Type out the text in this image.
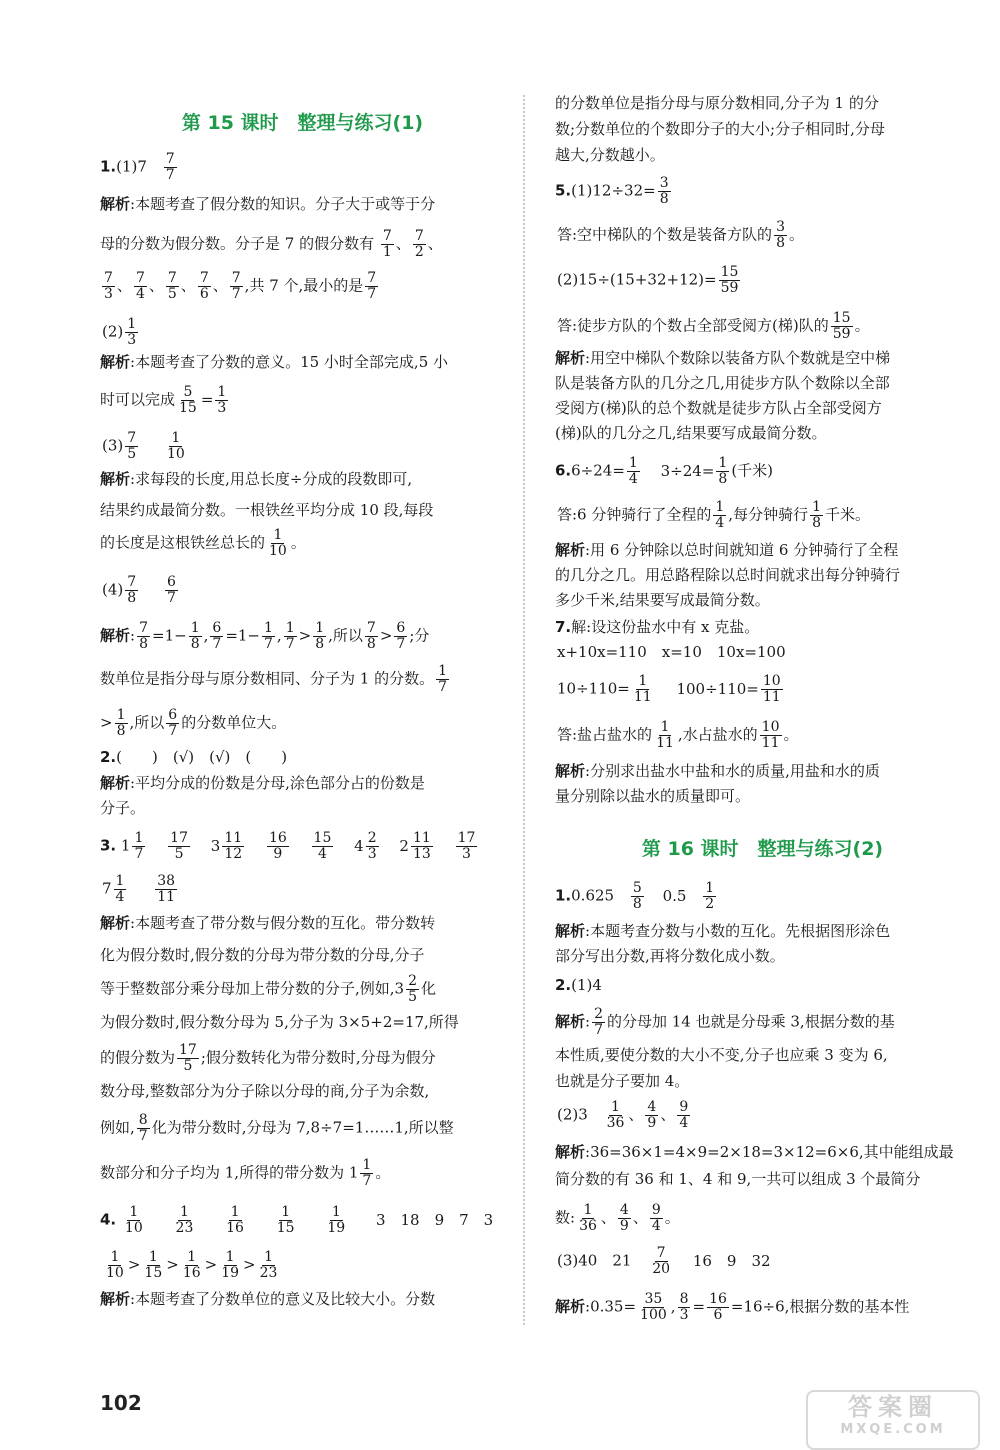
第 15 课时　整理与练习(1)
第 16 课时　整理与练习(2)
$1.(1)7 \frac{7}{7}$
解析:本题考查了假分数的知识。分子大于或等于分
母的分数为假分数。分子是 7 的假分数有 $\frac{7}{1}$ 、 $\frac{7}{2}$ 、
$\frac{7}{3}$ 、 $\frac{7}{4}$ 、 $\frac{7}{5}$ 、 $\frac{7}{6}$ 、 $\frac{7}{7}$ ,共 7 个,最小的是 $\frac{7}{7}$
$(2) \frac{1}{3}$
解析:本题考查了分数的意义。15 小时全部完成,5 小
时可以完成 $\frac{5}{15} = \frac{1}{3}$
$(3) \frac{7}{5}$
$\frac{1}{10}$
解析:求每段的长度,用总长度÷分成的段数即可,
结果约成最简分数。一根铁丝平均分成 10 段,每段
的长度是这根铁丝总长的 $\frac{1}{10}$ 。
$(4) \frac{7}{8}$
$\frac{6}{7}$
解析: $\frac{7}{8} =1- \frac{1}{8}$ , $\frac{6}{7} =1- \frac{1}{7}$ , $\frac{1}{7} > \frac{1}{8}$ ,所以 $\frac{7}{8} > \frac{6}{7}$ ;分
数单位是指分母与原分数相同、分子为 1 的分数。 $\frac{1}{7}$
> $\frac{1}{8}$ ,所以 $\frac{6}{7}$ 的分数单位大。
2.(　　)　(√)　(√)　(　　)
解析:平均分成的份数是分母,涂色部分占的份数是
分子。
3. $1 \frac{1}{7}$
$\frac{17}{5} 3 \frac{11}{12}$
$\frac{16}{9}$
$\frac{15}{4} 4 \frac{2}{3} 2 \frac{11}{13}$
$\frac{17}{3}$
$7 \frac{1}{4}$
$\frac{38}{11}$
解析:本题考查了带分数与假分数的互化。带分数转
化为假分数时,假分数的分母为带分数的分母,分子
等于整数部分乘分母加上带分数的分子,例如$,3 \frac{2}{5}$ 化
为假分数时,假分数分母为 5,分子为 3×5+2=17,所得
的假分数为 $\frac{17}{5}$ ;假分数转化为带分数时,分母为假分
数分母,整数部分为分子除以分母的商,分子为余数,
例如, $\frac{8}{7}$ 化为带分数时,分母为 7,8÷7=1……1,所以整
数部分和分子均为 1,所得的带分数为 $1 \frac{1}{7}$ 。
4. $\frac{1}{10}$
$\frac{1}{23}$
$\frac{1}{16}$
$\frac{1}{15}$
$\frac{1}{19} 3$　18　9　7　3
$\frac{1}{10} > \frac{1}{15} > \frac{1}{16} > \frac{1}{19} > \frac{1}{23}$
解析:本题考查了分数单位的意义及比较大小。分数
的分数单位是指分母与原分数相同,分子为 1 的分
数;分数单位的个数即分子的大小;分子相同时,分母
越大,分数越小。
$5.(1)12\div 32= \frac{3}{8}$
答:空中梯队的个数是装备方队的 $\frac{3}{8}$ 。
$(2)15\div(15+32+12)= \frac{15}{59}$
答:徒步方队的个数占全部受阅方(梯)队的 $\frac{15}{59}$ 。
解析:用空中梯队个数除以装备方队个数就是空中梯
队是装备方队的几分之几,用徒步方队个数除以全部
受阅方(梯)队的总个数就是徒步方队占全部受阅方
(梯)队的几分之几,结果要写成最简分数。
$6.6\div 24= \frac{1}{4} 3\div 24= \frac{1}{8}$ (千米)
答:6 分钟骑行了全程的 $\frac{1}{4}$ ,每分钟骑行 $\frac{1}{8}$ 千米。
解析:用 6 分钟除以总时间就知道 6 分钟骑行了全程
的几分之几。用总路程除以总时间就求出每分钟骑行
多少千米,结果要写成最简分数。
7.解:设这份盐水中有 x 克盐。
x+10x=110　x=10　10x=100
$10\div 110= \frac{1}{11} 100\div 110= \frac{10}{11}$
答:盐占盐水的 $\frac{1}{11}$ ,水占盐水的 $\frac{10}{11}$ 。
解析:分别求出盐水中盐和水的质量,用盐和水的质
量分别除以盐水的质量即可。
$1.0.625 \frac{5}{8} 0.5 \frac{1}{2}$
解析:本题考查分数与小数的互化。先根据图形涂色
部分写出分数,再将分数化成小数。
2.(1)4
解析: $\frac{2}{7}$ 的分母加 14 也就是分母乘 3,根据分数的基
本性质,要使分数的大小不变,分子也应乘 3 变为 6,
也就是分子要加 4。
$(2)3 \frac{1}{36}$ 、 $\frac{4}{9}$ 、 $\frac{9}{4}$
解析:36=36×1=4×9=2×18=3×12=6×6,其中能组成最
简分数的有 36 和 1、4 和 9,一共可以组成 3 个最简分
数: $\frac{1}{36}$ 、 $\frac{4}{9}$ 、 $\frac{9}{4}$ 。
(3)40　$21 \frac{7}{20} 16$　9　32
解析:0.35= $\frac{35}{100}$ , $\frac{8}{3} = \frac{16}{6} =16\div 6$,根据分数的基本性
102	答案圈
MXQE.COM
